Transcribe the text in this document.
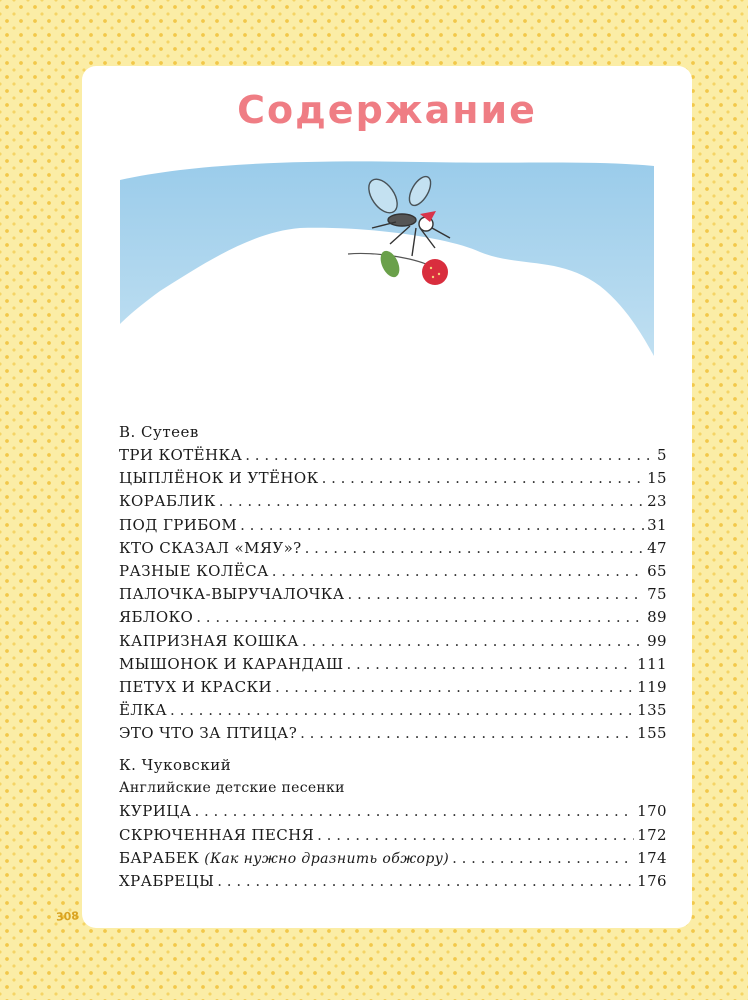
Содержание
В. Сутеев
ТРИ КОТЁНКА . . .	5
ЦЫПЛЁНОК И УТЁНОК . . .	15
КОРАБЛИК . . .	23
ПОД ГРИБОМ . . .	31
КТО СКАЗАЛ «МЯУ»? . . .	47
РАЗНЫЕ КОЛЁСА . . .	65
ПАЛОЧКА-ВЫРУЧАЛОЧКА . . .	75
ЯБЛОКО . . .	89
КАПРИЗНАЯ КОШКА . . .	99
МЫШОНОК И КАРАНДАШ . . .	111
ПЕТУХ И КРАСКИ . . .	119
ЁЛКА . . .	135
ЭТО ЧТО ЗА ПТИЦА? . . .	155
К. Чуковский
Английские детские песенки
КУРИЦА . . .	170
СКРЮЧЕННАЯ ПЕСНЯ . . .	172
БАРАБЕК (Как нужно дразнить обжору) . . .	174
ХРАБРЕЦЫ . . .	176
308
